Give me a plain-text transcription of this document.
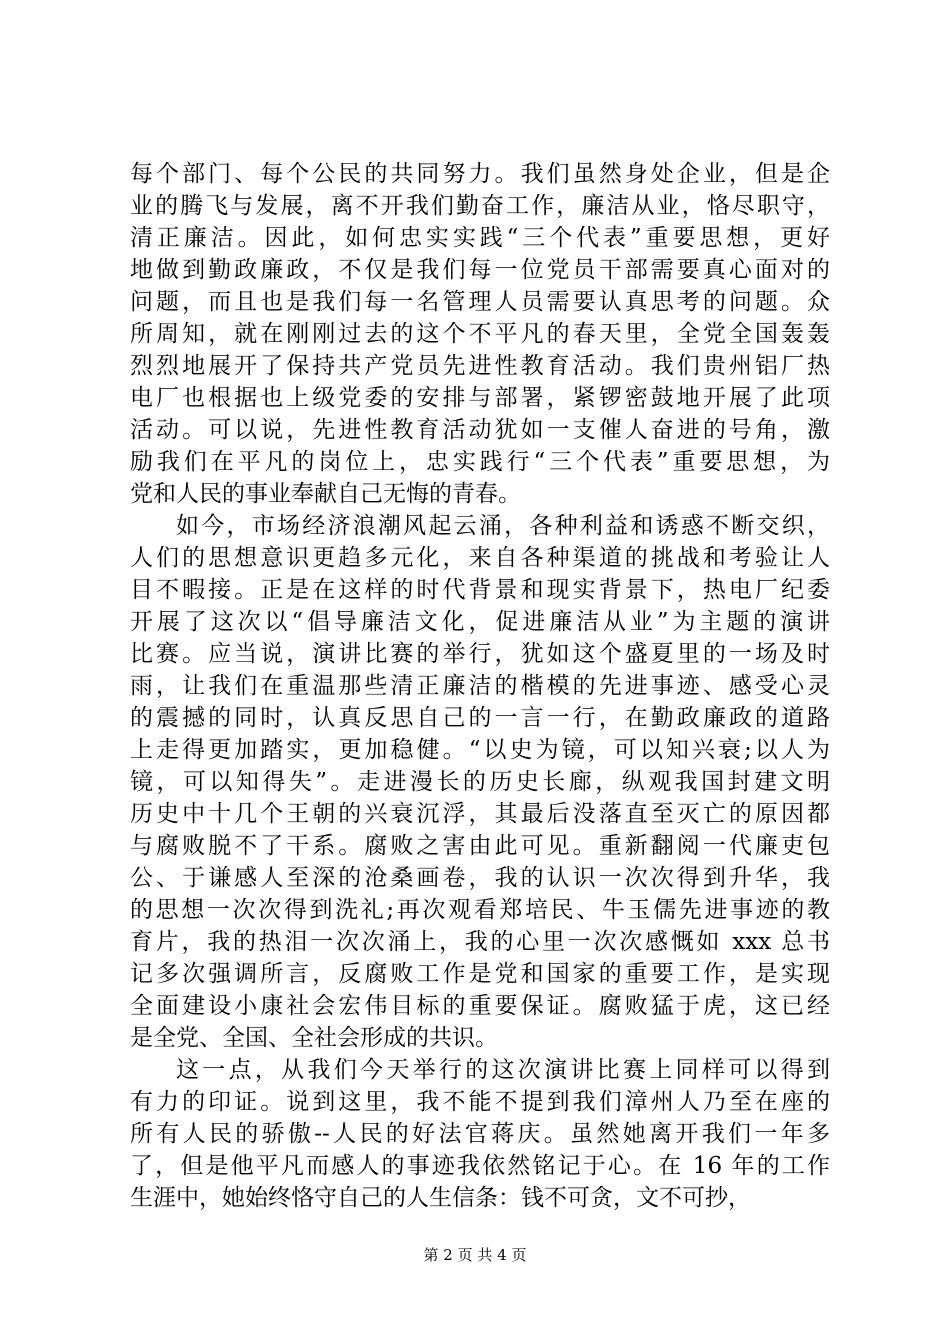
每个部门、每个公民的共同努力。我们虽然身处企业，但是企
业的腾飞与发展，离不开我们勤奋工作，廉洁从业，恪尽职守，
清正廉洁。因此，如何忠实实践“三个代表”重要思想，更好
地做到勤政廉政，不仅是我们每一位党员干部需要真心面对的
问题，而且也是我们每一名管理人员需要认真思考的问题。众
所周知，就在刚刚过去的这个不平凡的春天里，全党全国轰轰
烈烈地展开了保持共产党员先进性教育活动。我们贵州铝厂热
电厂也根据也上级党委的安排与部署，紧锣密鼓地开展了此项
活动。可以说，先进性教育活动犹如一支催人奋进的号角，激
励我们在平凡的岗位上，忠实践行“三个代表”重要思想，为
党和人民的事业奉献自己无悔的青春。
如今，市场经济浪潮风起云涌，各种利益和诱惑不断交织，
人们的思想意识更趋多元化，来自各种渠道的挑战和考验让人
目不暇接。正是在这样的时代背景和现实背景下，热电厂纪委
开展了这次以“倡导廉洁文化，促进廉洁从业”为主题的演讲
比赛。应当说，演讲比赛的举行，犹如这个盛夏里的一场及时
雨，让我们在重温那些清正廉洁的楷模的先进事迹、感受心灵
的震撼的同时，认真反思自己的一言一行，在勤政廉政的道路
上走得更加踏实，更加稳健。“以史为镜，可以知兴衰;以人为
镜，可以知得失”。走进漫长的历史长廊，纵观我国封建文明
历史中十几个王朝的兴衰沉浮，其最后没落直至灭亡的原因都
与腐败脱不了干系。腐败之害由此可见。重新翻阅一代廉吏包
公、于谦感人至深的沧桑画卷，我的认识一次次得到升华，我
的思想一次次得到洗礼;再次观看郑培民、牛玉儒先进事迹的教
育片，我的热泪一次次涌上，我的心里一次次感慨如 xxx 总书
记多次强调所言，反腐败工作是党和国家的重要工作，是实现
全面建设小康社会宏伟目标的重要保证。腐败猛于虎，这已经
是全党、全国、全社会形成的共识。
这一点，从我们今天举行的这次演讲比赛上同样可以得到
有力的印证。说到这里，我不能不提到我们漳州人乃至在座的
所有人民的骄傲--人民的好法官蒋庆。虽然她离开我们一年多
了，但是他平凡而感人的事迹我依然铭记于心。在 16 年的工作
生涯中，她始终恪守自己的人生信条：钱不可贪，文不可抄，
第 2 页 共 4 页
